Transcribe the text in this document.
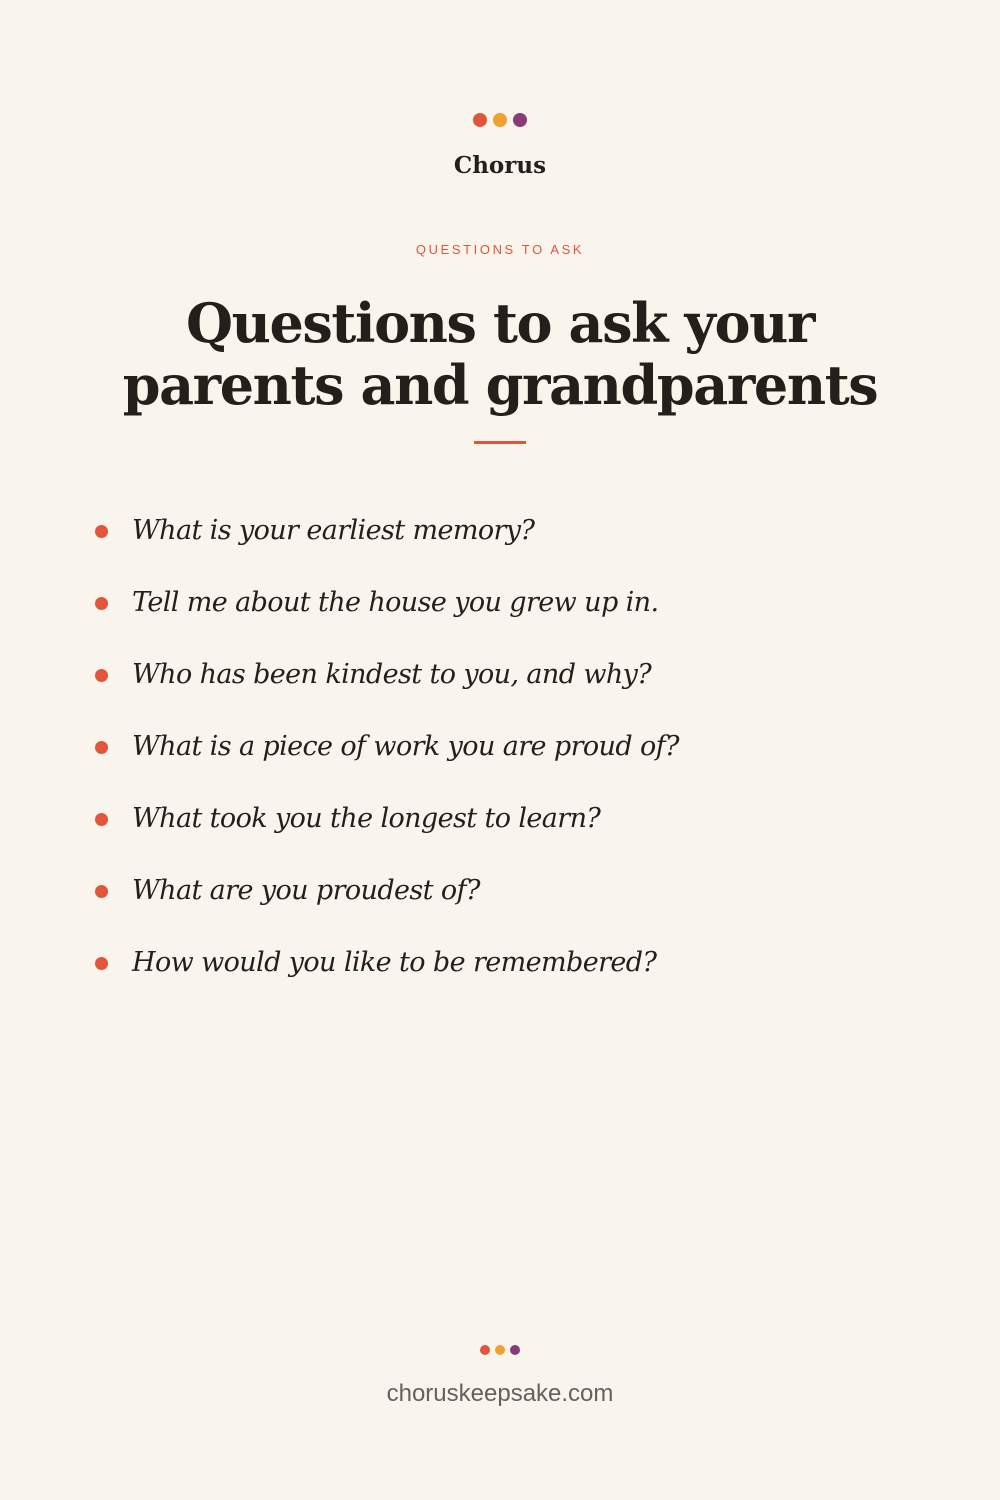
Chorus
QUESTIONS TO ASK
Questions to ask your parents and grandparents
What is your earliest memory?
Tell me about the house you grew up in.
Who has been kindest to you, and why?
What is a piece of work you are proud of?
What took you the longest to learn?
What are you proudest of?
How would you like to be remembered?
choruskeepsake.com
